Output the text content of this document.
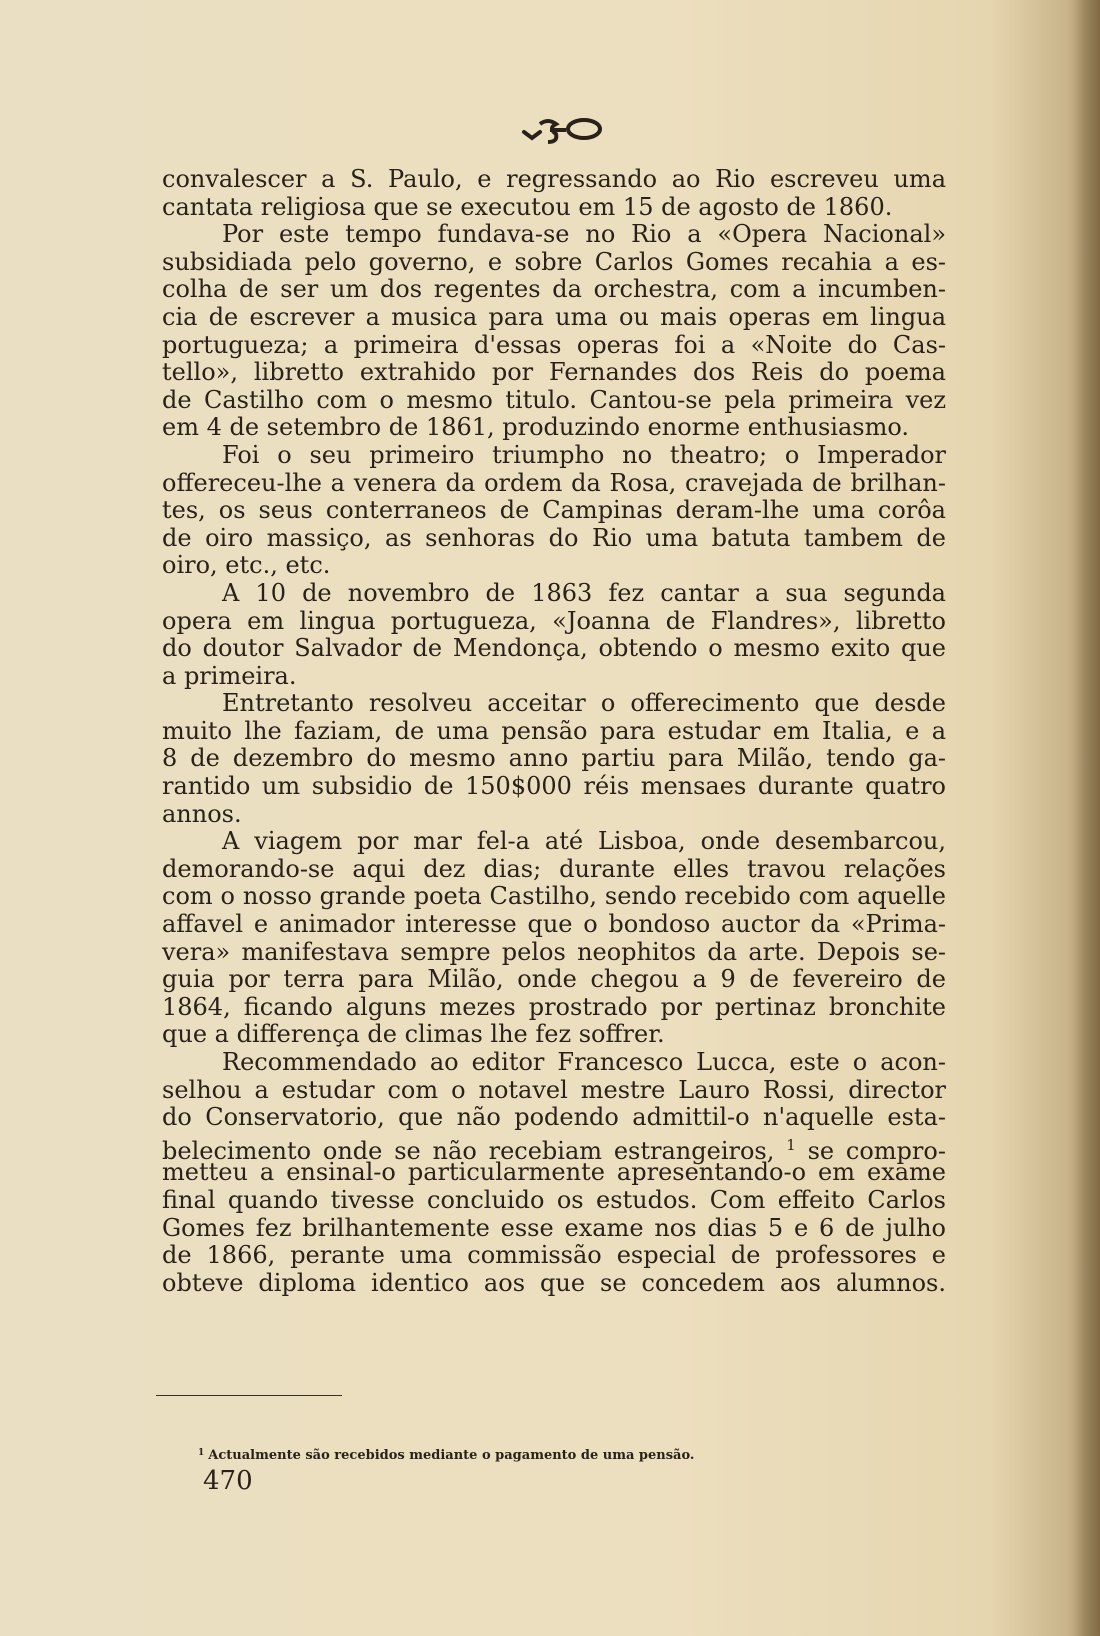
convalescer a S. Paulo, e regressando ao Rio escreveu uma
cantata religiosa que se executou em 15 de agosto de 1860.
Por este tempo fundava-se no Rio a «Opera Nacional»
subsidiada pelo governo, e sobre Carlos Gomes recahia a es-
colha de ser um dos regentes da orchestra, com a incumben-
cia de escrever a musica para uma ou mais operas em lingua
portugueza; a primeira d'essas operas foi a «Noite do Cas-
tello», libretto extrahido por Fernandes dos Reis do poema
de Castilho com o mesmo titulo. Cantou-se pela primeira vez
em 4 de setembro de 1861, produzindo enorme enthusiasmo.
Foi o seu primeiro triumpho no theatro; o Imperador
offereceu-lhe a venera da ordem da Rosa, cravejada de brilhan-
tes, os seus conterraneos de Campinas deram-lhe uma corôa
de oiro massiço, as senhoras do Rio uma batuta tambem de
oiro, etc., etc.
A 10 de novembro de 1863 fez cantar a sua segunda
opera em lingua portugueza, «Joanna de Flandres», libretto
do doutor Salvador de Mendonça, obtendo o mesmo exito que
a primeira.
Entretanto resolveu acceitar o offerecimento que desde
muito lhe faziam, de uma pensão para estudar em Italia, e a
8 de dezembro do mesmo anno partiu para Milão, tendo ga-
rantido um subsidio de 150$000 réis mensaes durante quatro
annos.
A viagem por mar fel-a até Lisboa, onde desembarcou,
demorando-se aqui dez dias; durante elles travou relações
com o nosso grande poeta Castilho, sendo recebido com aquelle
affavel e animador interesse que o bondoso auctor da «Prima-
vera» manifestava sempre pelos neophitos da arte. Depois se-
guia por terra para Milão, onde chegou a 9 de fevereiro de
1864, ficando alguns mezes prostrado por pertinaz bronchite
que a differença de climas lhe fez soffrer.
Recommendado ao editor Francesco Lucca, este o acon-
selhou a estudar com o notavel mestre Lauro Rossi, director
do Conservatorio, que não podendo admittil-o n'aquelle esta-
belecimento onde se não recebiam estrangeiros, $^1$ se compro-
metteu a ensinal-o particularmente apresentando-o em exame
final quando tivesse concluido os estudos. Com effeito Carlos
Gomes fez brilhantemente esse exame nos dias 5 e 6 de julho
de 1866, perante uma commissão especial de professores e
obteve diploma identico aos que se concedem aos alumnos.
$^1$ Actualmente são recebidos mediante o pagamento de uma pensão.
470
